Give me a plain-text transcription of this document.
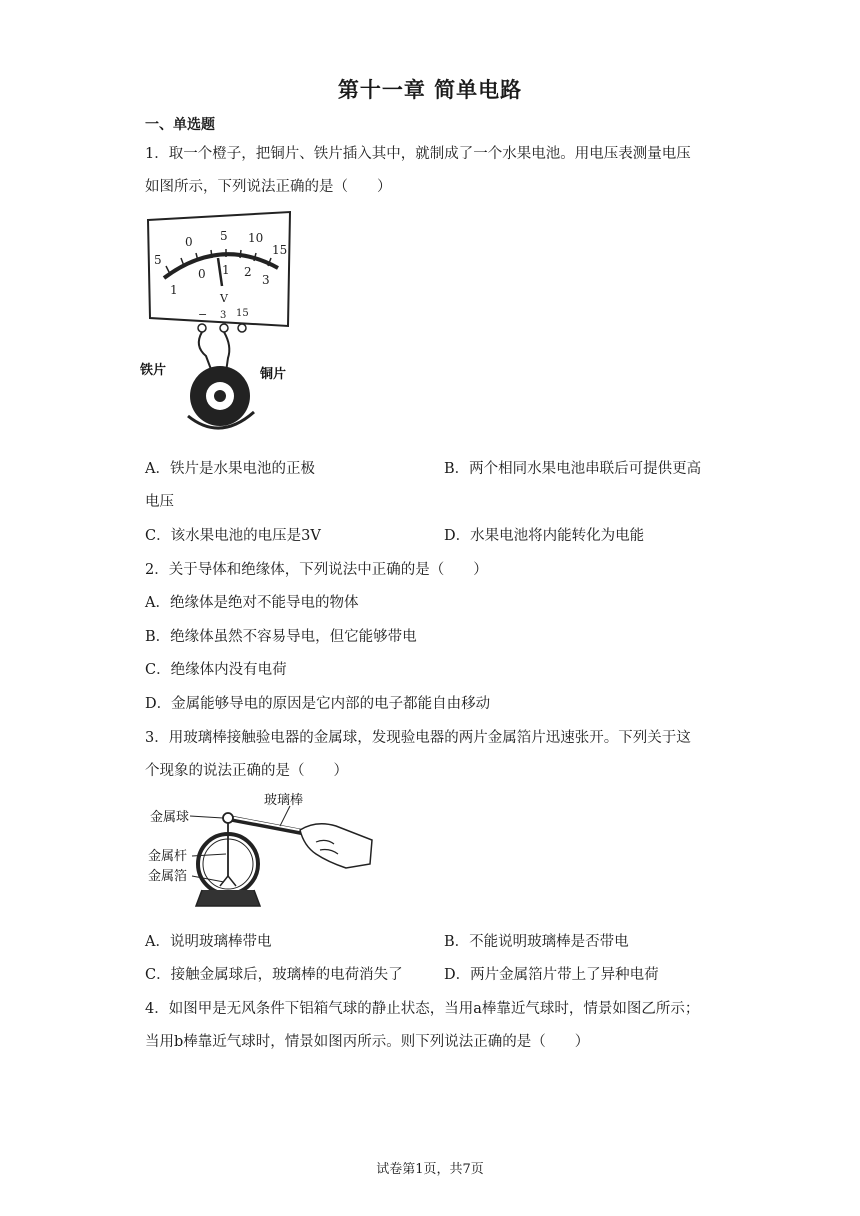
第十一章 简单电路
一、单选题
1．取一个橙子，把铜片、铁片插入其中，就制成了一个水果电池。用电压表测量电压
如图所示，下列说法正确的是（　　）
5
0 5 10
15
1
0 1 2
3
V
− 3 15
铁片	铜片
A．铁片是水果电池的正极	B．两个相同水果电池串联后可提供更高
电压
C．该水果电池的电压是3V	D．水果电池将内能转化为电能
2．关于导体和绝缘体，下列说法中正确的是（　　）
A．绝缘体是绝对不能导电的物体
B．绝缘体虽然不容易导电，但它能够带电
C．绝缘体内没有电荷
D．金属能够导电的原因是它内部的电子都能自由移动
3．用玻璃棒接触验电器的金属球，发现验电器的两片金属箔片迅速张开。下列关于这
个现象的说法正确的是（　　）
金属球
玻璃棒
金属杆
金属箔
A．说明玻璃棒带电	B．不能说明玻璃棒是否带电
C．接触金属球后，玻璃棒的电荷消失了	D．两片金属箔片带上了异种电荷
4．如图甲是无风条件下铝箱气球的静止状态，当用a棒靠近气球时，情景如图乙所示；
当用b棒靠近气球时，情景如图丙所示。则下列说法正确的是（　　）
试卷第1页，共7页
